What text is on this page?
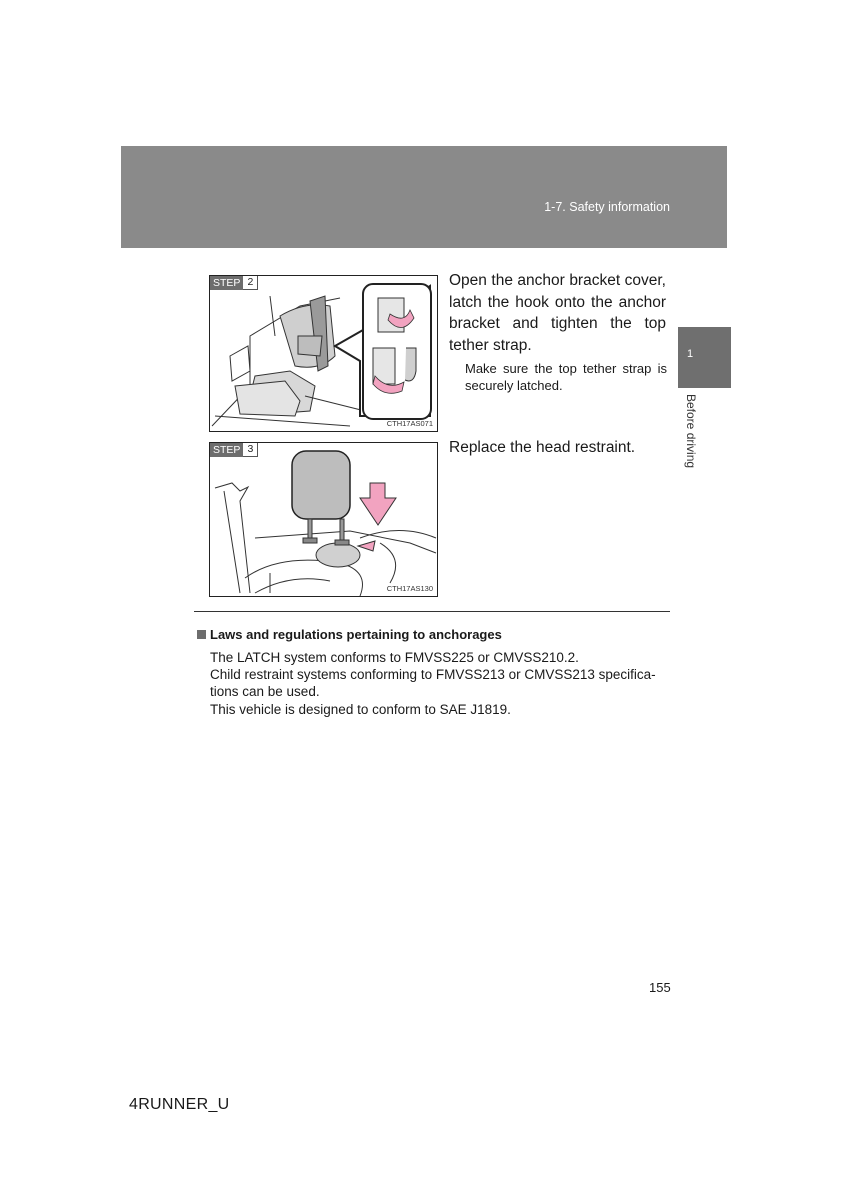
1-7. Safety information
1
Before driving
STEP 2
CTH17AS071
Open the anchor bracket cover, latch the hook onto the anchor bracket and tighten the top tether strap.
Make sure the top tether strap is securely latched.
STEP 3
CTH17AS130
Replace the head restraint.
Laws and regulations pertaining to anchorages
The LATCH system conforms to FMVSS225 or CMVSS210.2.
Child restraint systems conforming to FMVSS213 or CMVSS213 specifica-
tions can be used.
This vehicle is designed to conform to SAE J1819.
155
4RUNNER_U
